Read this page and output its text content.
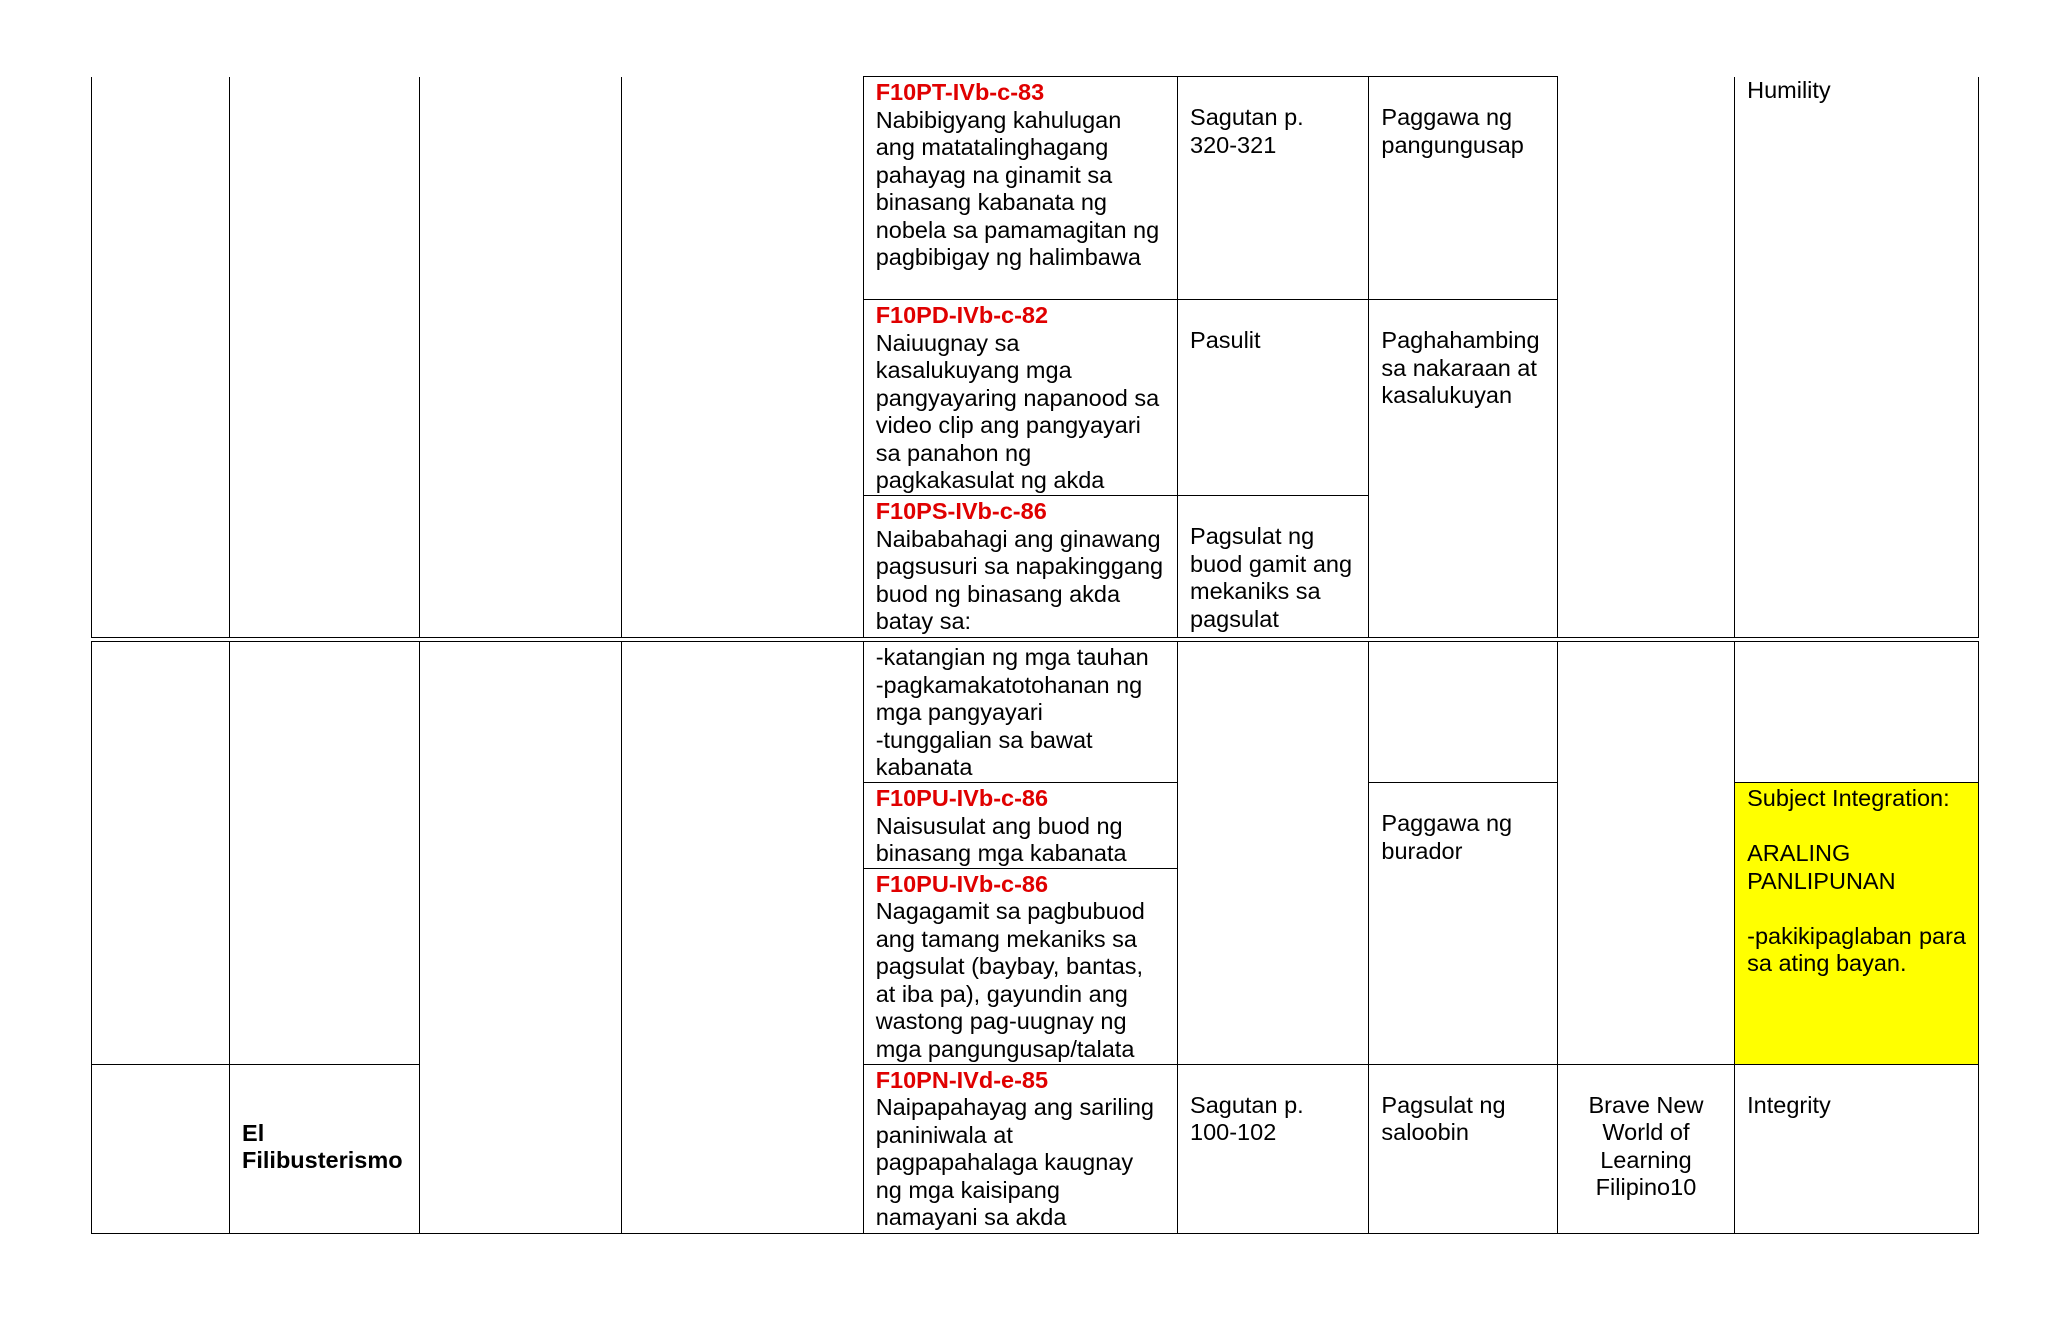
				F10PT-IVb-c-83
Nabibigyang kahulugan ang matatalinghagang pahayag na ginamit sa binasang kabanata ng nobela sa pamamagitan ng pagbibigay ng halimbawa	Sagutan p. 320-321	Paggawa ng pangungusap		Humility

				F10PD-IVb-c-82
Naiuugnay sa kasalukuyang mga pangyayaring napanood sa video clip ang pangyayari sa panahon ng pagkakasulat ng akda	Pasulit	Paghahambing sa nakaraan at kasalukuyan		

				F10PS-IVb-c-86
Naibabahagi ang ginawang pagsusuri sa napakinggang buod ng binasang akda batay sa:	Pagsulat ng buod gamit ang mekaniks sa pagsulat			

				-katangian ng mga tauhan
-pagkamakatotohanan ng mga pangyayari
-tunggalian sa bawat kabanata				

				F10PU-IVb-c-86
Naisusulat ang buod ng binasang mga kabanata		Paggawa ng burador		Subject Integration:
ARALING PANLIPUNAN
-pakikipaglaban para sa ating bayan.

				F10PU-IVb-c-86
Nagagamit sa pagbubuod ang tamang mekaniks sa pagsulat (baybay, bantas, at iba pa), gayundin ang wastong pag-uugnay ng mga pangungusap/talata				

	El Filibusterismo			F10PN-IVd-e-85
Naipapahayag ang sariling paniniwala at pagpapahalaga kaugnay ng mga kaisipang namayani sa akda	Sagutan p. 100-102	Pagsulat ng saloobin	Brave New World of Learning Filipino10	Integrity
